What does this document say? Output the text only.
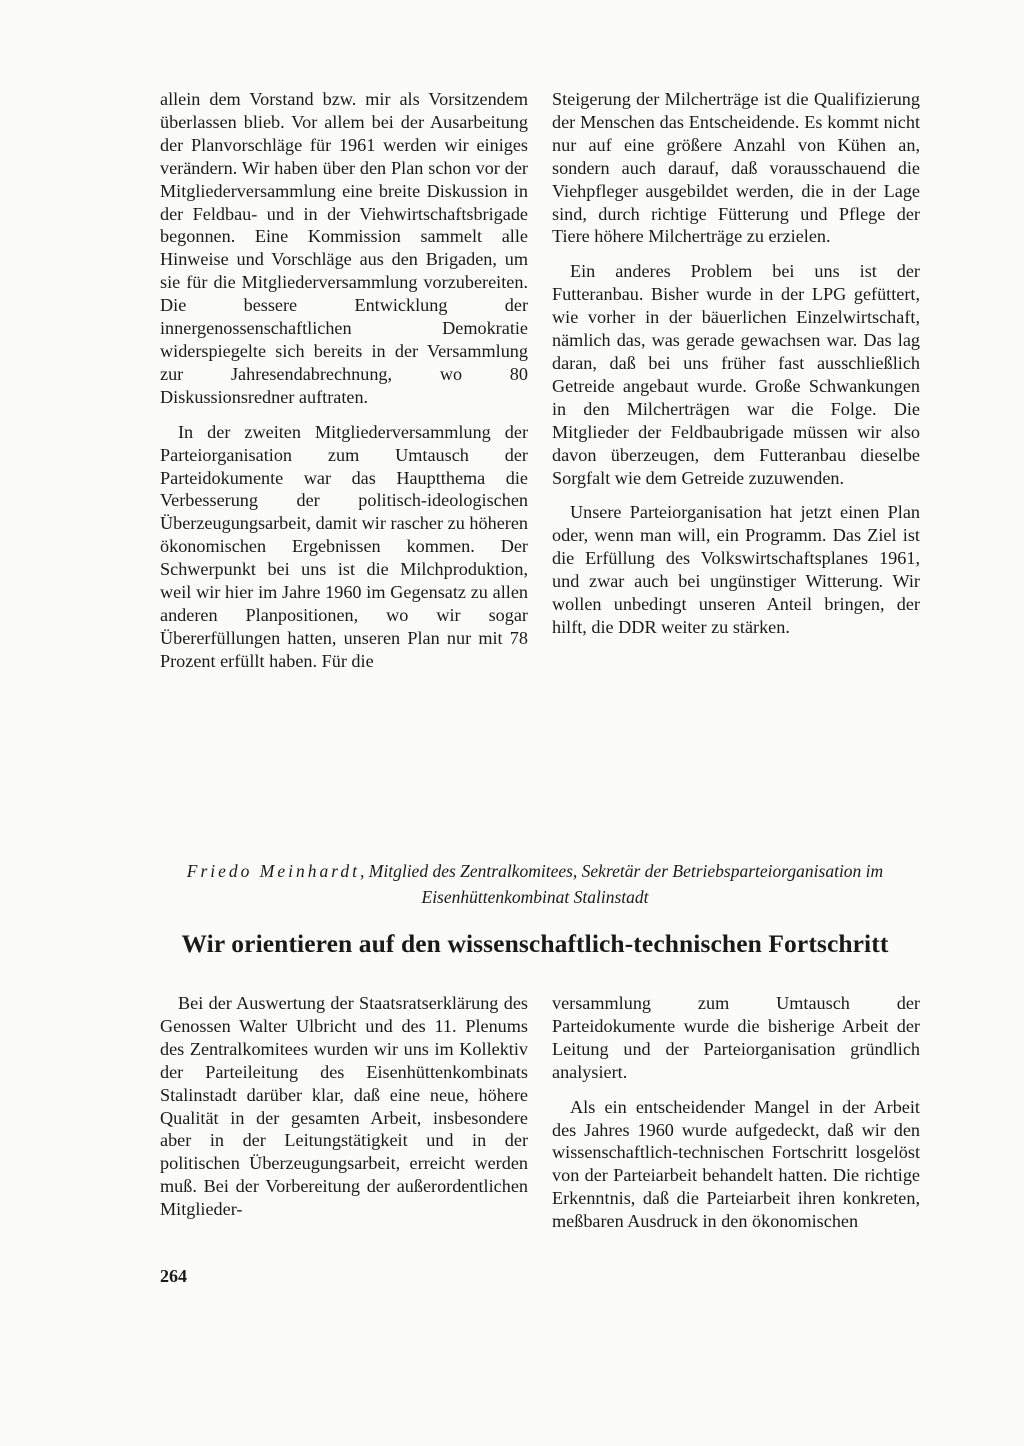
allein dem Vorstand bzw. mir als Vorsitzendem überlassen blieb. Vor allem bei der Ausarbeitung der Planvorschläge für 1961 werden wir einiges verändern. Wir haben über den Plan schon vor der Mitgliederversammlung eine breite Diskussion in der Feldbau- und in der Viehwirtschaftsbrigade begonnen. Eine Kommission sammelt alle Hinweise und Vorschläge aus den Brigaden, um sie für die Mitgliederversammlung vorzubereiten. Die bessere Entwicklung der innergenossenschaftlichen Demokratie widerspiegelte sich bereits in der Versammlung zur Jahresendabrechnung, wo 80 Diskussionsredner auftraten.

In der zweiten Mitgliederversammlung der Parteiorganisation zum Umtausch der Parteidokumente war das Hauptthema die Verbesserung der politisch-ideologischen Überzeugungsarbeit, damit wir rascher zu höheren ökonomischen Ergebnissen kommen. Der Schwerpunkt bei uns ist die Milchproduktion, weil wir hier im Jahre 1960 im Gegensatz zu allen anderen Planpositionen, wo wir sogar Übererfüllungen hatten, unseren Plan nur mit 78 Prozent erfüllt haben. Für die

Steigerung der Milcherträge ist die Qualifizierung der Menschen das Entscheidende. Es kommt nicht nur auf eine größere Anzahl von Kühen an, sondern auch darauf, daß vorausschauend die Viehpfleger ausgebildet werden, die in der Lage sind, durch richtige Fütterung und Pflege der Tiere höhere Milcherträge zu erzielen.

Ein anderes Problem bei uns ist der Futteranbau. Bisher wurde in der LPG gefüttert, wie vorher in der bäuerlichen Einzelwirtschaft, nämlich das, was gerade gewachsen war. Das lag daran, daß bei uns früher fast ausschließlich Getreide angebaut wurde. Große Schwankungen in den Milcherträgen war die Folge. Die Mitglieder der Feldbaubrigade müssen wir also davon überzeugen, dem Futteranbau dieselbe Sorgfalt wie dem Getreide zuzuwenden.

Unsere Parteiorganisation hat jetzt einen Plan oder, wenn man will, ein Programm. Das Ziel ist die Erfüllung des Volkswirtschaftsplanes 1961, und zwar auch bei ungünstiger Witterung. Wir wollen unbedingt unseren Anteil bringen, der hilft, die DDR weiter zu stärken.

Friedo Meinhardt, Mitglied des Zentralkomitees, Sekretär der Betriebsparteiorganisation im Eisenhüttenkombinat Stalinstadt
Wir orientieren auf den wissenschaftlich-technischen Fortschritt

Bei der Auswertung der Staatsratserklärung des Genossen Walter Ulbricht und des 11. Plenums des Zentralkomitees wurden wir uns im Kollektiv der Parteileitung des Eisenhüttenkombinats Stalinstadt darüber klar, daß eine neue, höhere Qualität in der gesamten Arbeit, insbesondere aber in der Leitungstätigkeit und in der politischen Überzeugungsarbeit, erreicht werden muß. Bei der Vorbereitung der außerordentlichen Mitglieder-

versammlung zum Umtausch der Parteidokumente wurde die bisherige Arbeit der Leitung und der Parteiorganisation gründlich analysiert.

Als ein entscheidender Mangel in der Arbeit des Jahres 1960 wurde aufgedeckt, daß wir den wissenschaftlich-technischen Fortschritt losgelöst von der Parteiarbeit behandelt hatten. Die richtige Erkenntnis, daß die Parteiarbeit ihren konkreten, meßbaren Ausdruck in den ökonomischen

264
